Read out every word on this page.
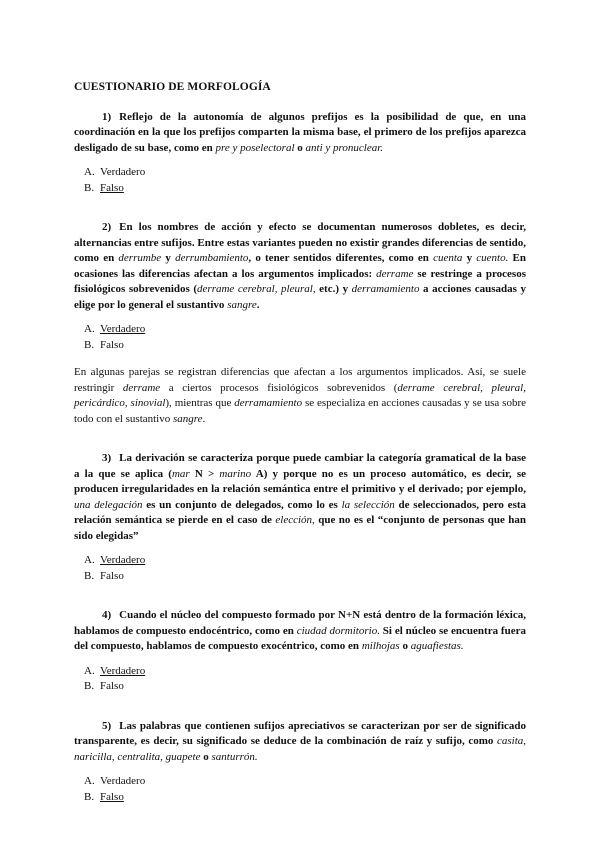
CUESTIONARIO DE MORFOLOGÍA
1) Reflejo de la autonomía de algunos prefijos es la posibilidad de que, en una coordinación en la que los prefijos comparten la misma base, el primero de los prefijos aparezca desligado de su base, como en pre y poselectoral o anti y pronuclear.
A. Verdadero
B. Falso
2) En los nombres de acción y efecto se documentan numerosos dobletes, es decir, alternancias entre sufijos. Entre estas variantes pueden no existir grandes diferencias de sentido, como en derrumbe y derrumbamiento, o tener sentidos diferentes, como en cuenta y cuento. En ocasiones las diferencias afectan a los argumentos implicados: derrame se restringe a procesos fisiológicos sobrevenidos (derrame cerebral, pleural, etc.) y derramamiento a acciones causadas y elige por lo general el sustantivo sangre.
A. Verdadero
B. Falso
En algunas parejas se registran diferencias que afectan a los argumentos implicados. Así, se suele restringir derrame a ciertos procesos fisiológicos sobrevenidos (derrame cerebral, pleural, pericárdico, sinovial), mientras que derramamiento se especializa en acciones causadas y se usa sobre todo con el sustantivo sangre.
3) La derivación se caracteriza porque puede cambiar la categoría gramatical de la base a la que se aplica (mar N > marino A) y porque no es un proceso automático, es decir, se producen irregularidades en la relación semántica entre el primitivo y el derivado; por ejemplo, una delegación es un conjunto de delegados, como lo es la selección de seleccionados, pero esta relación semántica se pierde en el caso de elección, que no es el “conjunto de personas que han sido elegidas”
A. Verdadero
B. Falso
4) Cuando el núcleo del compuesto formado por N+N está dentro de la formación léxica, hablamos de compuesto endocéntrico, como en ciudad dormitorio. Si el núcleo se encuentra fuera del compuesto, hablamos de compuesto exocéntrico, como en milhojas o aguafiestas.
A. Verdadero
B. Falso
5) Las palabras que contienen sufijos apreciativos se caracterizan por ser de significado transparente, es decir, su significado se deduce de la combinación de raíz y sufijo, como casita, naricilla, centralita, guapete o santurrón.
A. Verdadero
B. Falso
